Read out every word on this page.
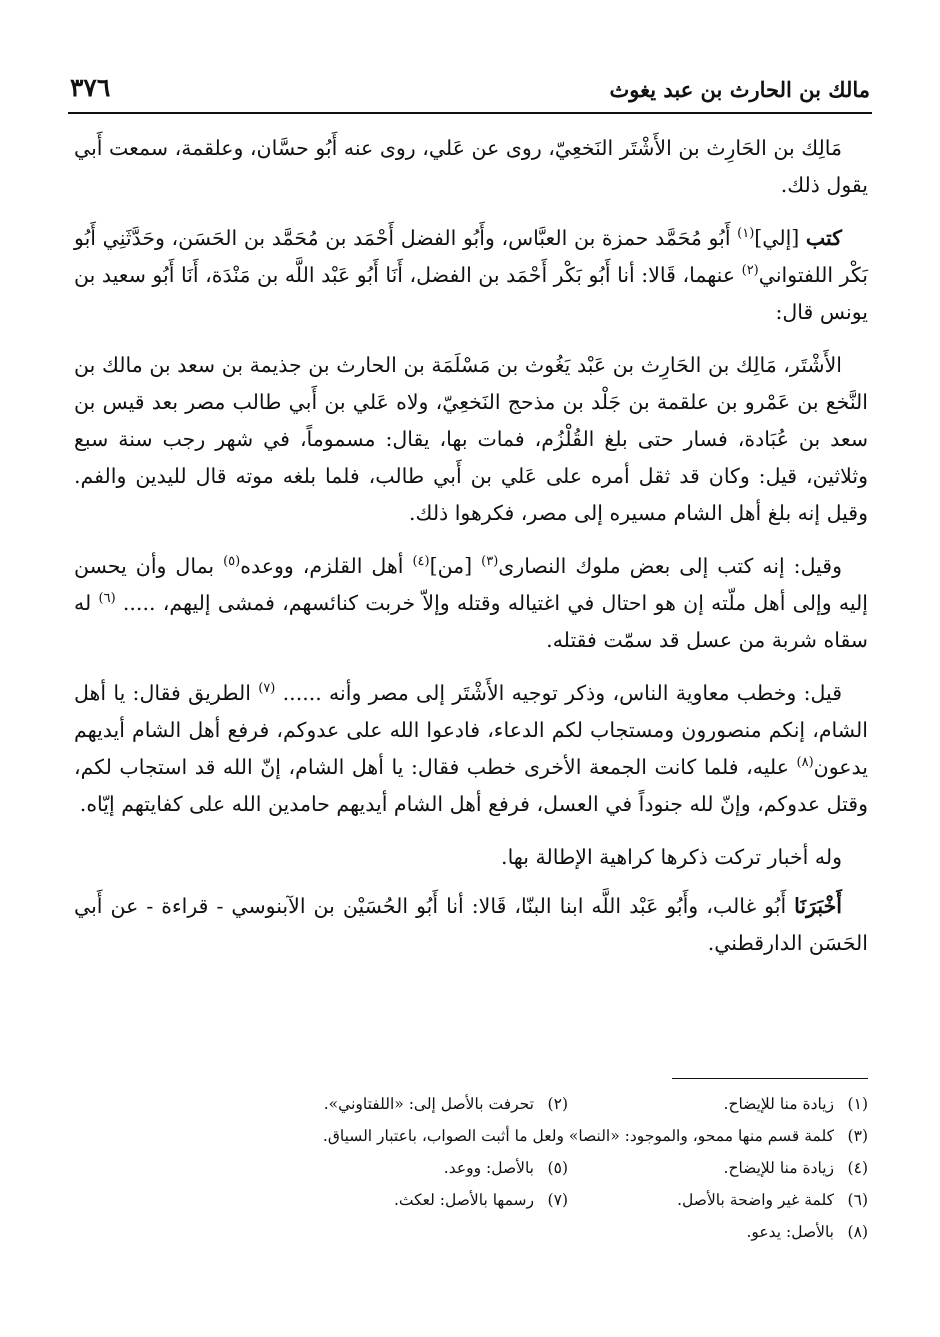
مالك بن الحارث بن عبد يغوث
٣٧٦

مَالِك بن الحَارِث بن الأَشْتَر النَخعِيّ، روى عن عَلي، روى عنه أَبُو حسَّان، وعلقمة، سمعت أَبي يقول ذلك.

كتب [إلي]$^{(١)}$ أَبُو مُحَمَّد حمزة بن العبَّاس، وأَبُو الفضل أَحْمَد بن مُحَمَّد بن الحَسَن، وحَدَّثَنِي أَبُو بَكْر اللفتواني$^{(٢)}$ عنهما، قَالا: أنا أَبُو بَكْر أَحْمَد بن الفضل، أَنَا أَبُو عَبْد اللَّه بن مَنْدَة، أَنَا أَبُو سعيد بن يونس قال:

الأَشْتَر، مَالِك بن الحَارِث بن عَبْد يَغُوث بن مَسْلَمَة بن الحارث بن جذيمة بن سعد بن مالك بن النَّخع بن عَمْرو بن علقمة بن جَلْد بن مذحج النَخعِيّ، ولاه عَلي بن أَبي طالب مصر بعد قيس بن سعد بن عُبَادة، فسار حتى بلغ القُلْزُم، فمات بها، يقال: مسموماً، في شهر رجب سنة سبع وثلاثين، قيل: وكان قد ثقل أمره على عَلي بن أَبي طالب، فلما بلغه موته قال لليدين والفم. وقيل إنه بلغ أهل الشام مسيره إلى مصر، فكرهوا ذلك.

وقيل: إنه كتب إلى بعض ملوك النصارى$^{(٣)}$ [من]$^{(٤)}$ أهل القلزم، ووعده$^{(٥)}$ بمال وأن يحسن إليه وإلى أهل ملّته إن هو احتال في اغتياله وقتله وإلاّ خربت كنائسهم، فمشى إليهم، ..... $^{(٦)}$ له سقاه شربة من عسل قد سمّت فقتله.

قيل: وخطب معاوية الناس، وذكر توجيه الأَشْتَر إلى مصر وأنه ...... $^{(٧)}$ الطريق فقال: يا أهل الشام، إنكم منصورون ومستجاب لكم الدعاء، فادعوا الله على عدوكم، فرفع أهل الشام أيديهم يدعون$^{(٨)}$ عليه، فلما كانت الجمعة الأخرى خطب فقال: يا أهل الشام، إنّ الله قد استجاب لكم، وقتل عدوكم، وإنّ لله جنوداً في العسل، فرفع أهل الشام أيديهم حامدين الله على كفايتهم إيّاه.

وله أخبار تركت ذكرها كراهية الإطالة بها.

أَخْبَرَنَا أَبُو غالب، وأَبُو عَبْد اللَّه ابنا البنّا، قَالا: أنا أَبُو الحُسَيْن بن الآبنوسي - قراءة - عن أَبي الحَسَن الدارقطني.

(١)زيادة منا للإيضاح.
(٢)تحرفت بالأصل إلى: «اللفتاوني».
(٣)كلمة قسم منها ممحو، والموجود: «النصا» ولعل ما أثبت الصواب، باعتبار السياق.
(٤)زيادة منا للإيضاح.
(٥)بالأصل: ووعد.
(٦)كلمة غير واضحة بالأصل.
(٧)رسمها بالأصل: لعكث.
(٨)بالأصل: يدعو.
